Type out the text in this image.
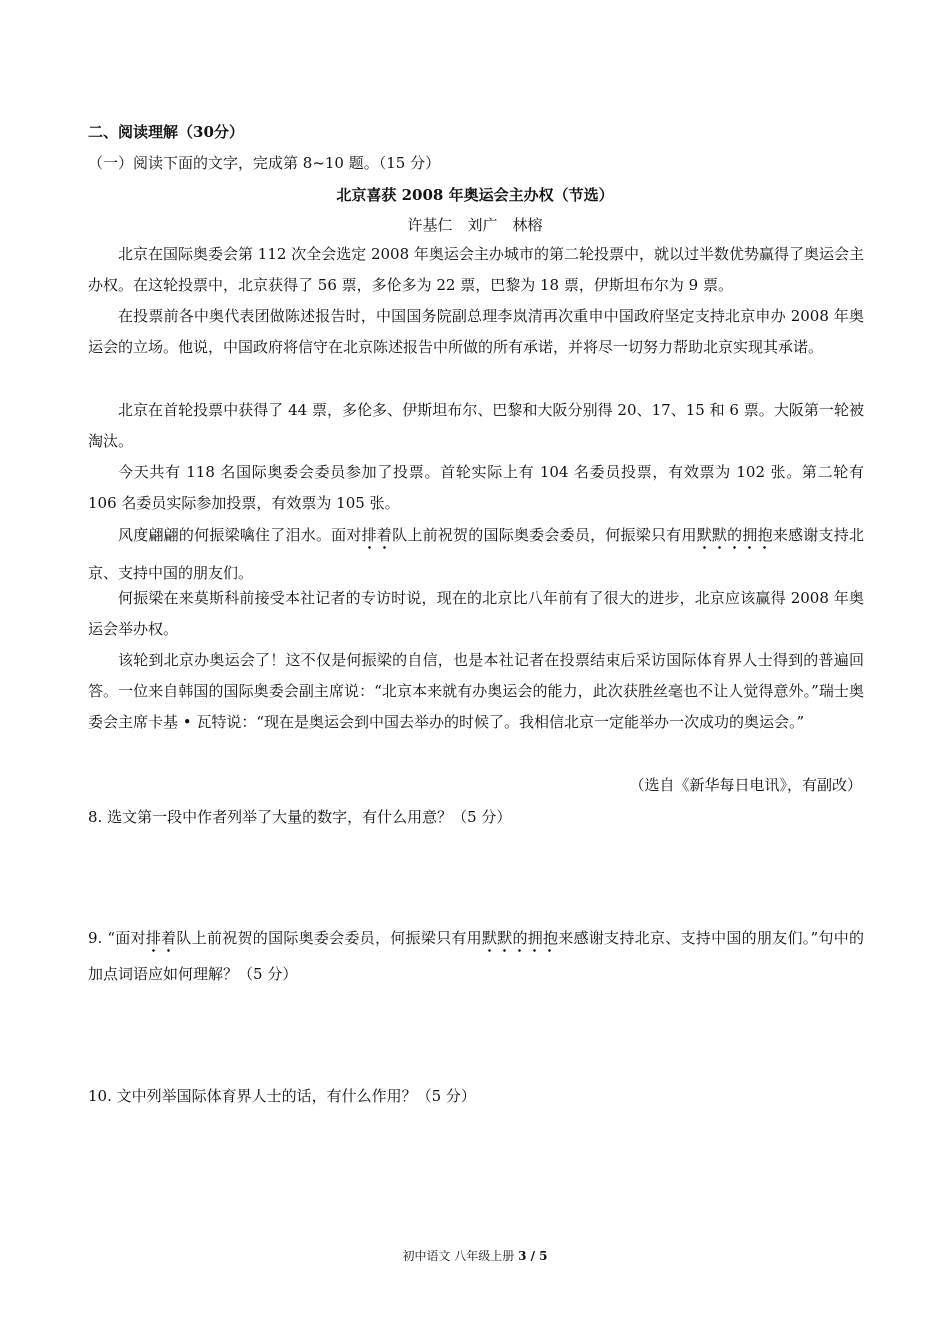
二、阅读理解（30分）
（一）阅读下面的文字，完成第 8~10 题。（15 分）
北京喜获 2008 年奥运会主办权（节选）
许基仁　刘广　林榕
北京在国际奥委会第 112 次全会选定 2008 年奥运会主办城市的第二轮投票中，就以过半数优势赢得了奥运会主办权。在这轮投票中，北京获得了 56 票，多伦多为 22 票，巴黎为 18 票，伊斯坦布尔为 9 票。
在投票前各中奥代表团做陈述报告时，中国国务院副总理李岚清再次重申中国政府坚定支持北京申办 2008 年奥运会的立场。他说，中国政府将信守在北京陈述报告中所做的所有承诺，并将尽一切努力帮助北京实现其承诺。
北京在首轮投票中获得了 44 票，多伦多、伊斯坦布尔、巴黎和大阪分别得 20、17、15 和 6 票。大阪第一轮被淘汰。
今天共有 118 名国际奥委会委员参加了投票。首轮实际上有 104 名委员投票，有效票为 102 张。第二轮有 106 名委员实际参加投票，有效票为 105 张。
风度翩翩的何振梁噙住了泪水。面对排着队上前祝贺的国际奥委会委员，何振梁只有用默默的拥抱来感谢支持北京、支持中国的朋友们。
何振梁在来莫斯科前接受本社记者的专访时说，现在的北京比八年前有了很大的进步，北京应该赢得 2008 年奥运会举办权。
该轮到北京办奥运会了！这不仅是何振梁的自信，也是本社记者在投票结束后采访国际体育界人士得到的普遍回答。一位来自韩国的国际奥委会副主席说：“北京本来就有办奥运会的能力，此次获胜丝毫也不让人觉得意外。”瑞士奥委会主席卡基 • 瓦特说：“现在是奥运会到中国去举办的时候了。我相信北京一定能举办一次成功的奥运会。”
（选自《新华每日电讯》，有副改）
8. 选文第一段中作者列举了大量的数字，有什么用意？（5 分）
9. “面对排着队上前祝贺的国际奥委会委员，何振梁只有用默默的拥抱来感谢支持北京、支持中国的朋友们。”句中的加点词语应如何理解？（5 分）
10. 文中列举国际体育界人士的话，有什么作用？（5 分）
初中语文 八年级上册 3 / 5
